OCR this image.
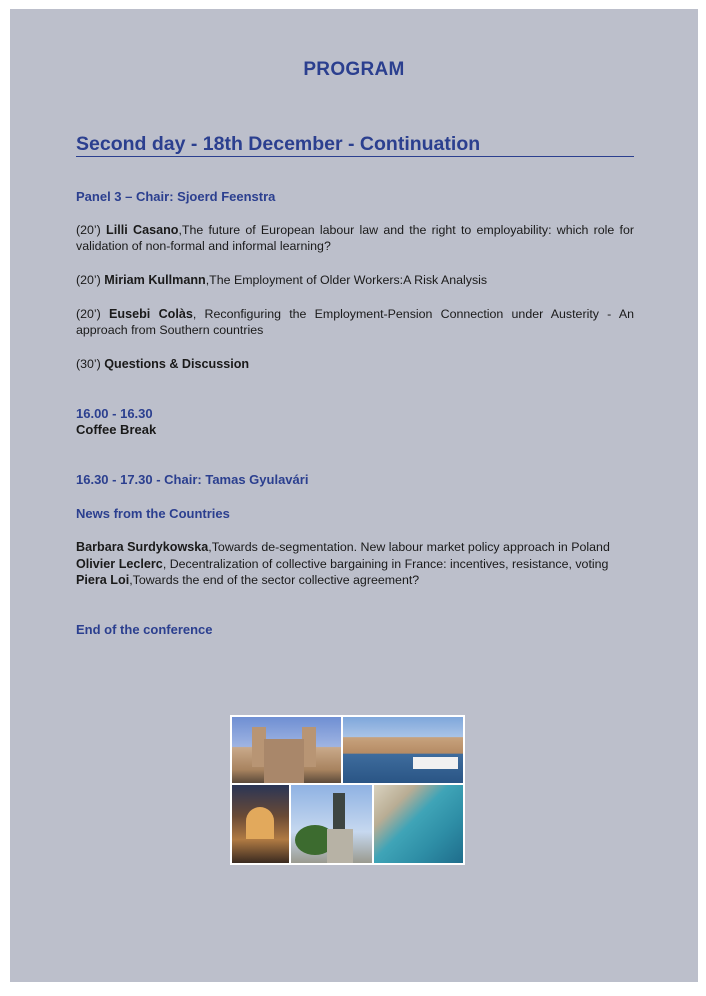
PROGRAM
Second day - 18th December - Continuation
Panel 3 – Chair: Sjoerd Feenstra
(20’) Lilli Casano,The future of European labour law and the right to employability: which role for validation of non-formal and informal learning?
(20’) Miriam Kullmann,The Employment of Older Workers:A Risk Analysis
(20’) Eusebi Colàs, Reconfiguring the Employment-Pension Connection under Austerity - An approach from Southern countries
(30’) Questions & Discussion
16.00 - 16.30
Coffee Break
16.30 - 17.30 - Chair: Tamas Gyulavári
News from the Countries
Barbara Surdykowska,Towards de-segmentation. New labour market policy approach in Poland
Olivier Leclerc, Decentralization of collective bargaining in France: incentives, resistance, voting
Piera Loi,Towards the end of the sector collective agreement?
End of the conference
